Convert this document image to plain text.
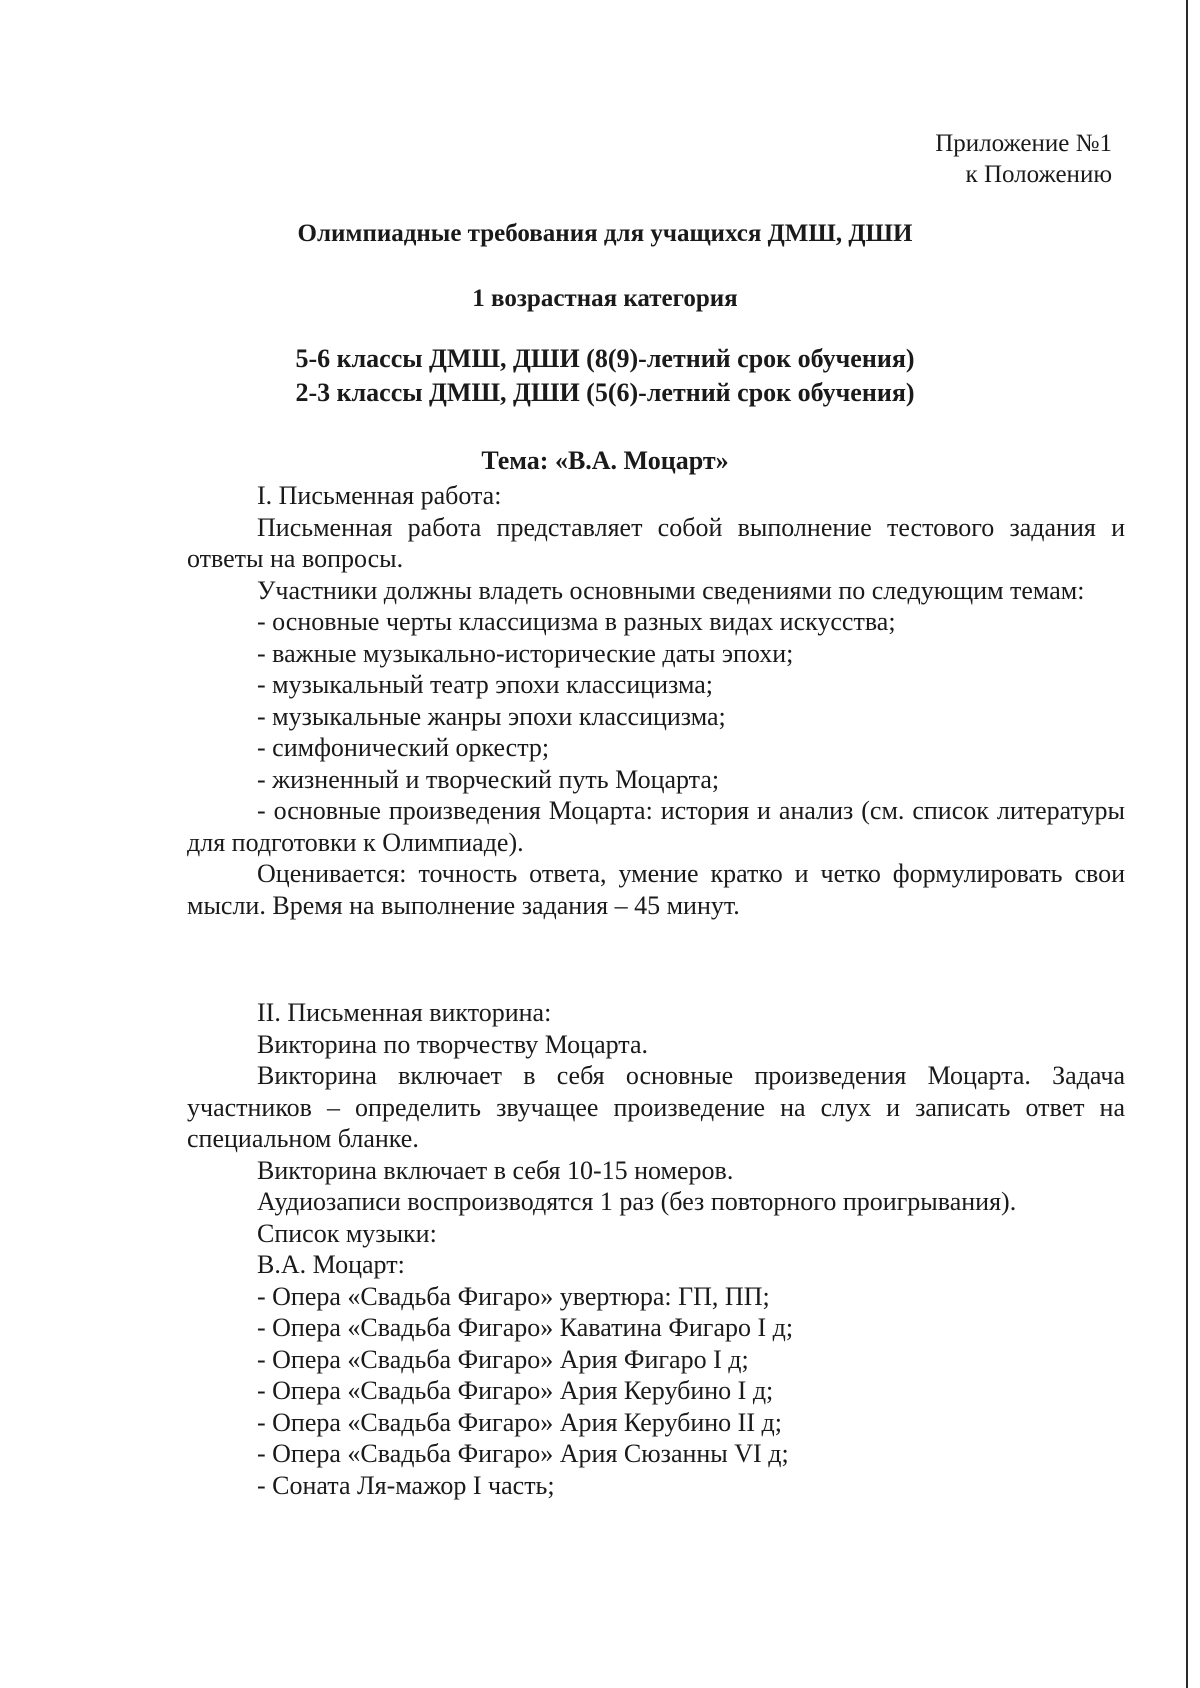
Приложение №1
к Положению
Олимпиадные требования для учащихся ДМШ, ДШИ
1 возрастная категория
5-6 классы ДМШ, ДШИ (8(9)-летний срок обучения)
2-3 классы ДМШ, ДШИ (5(6)-летний срок обучения)
Тема: «В.А. Моцарт»

I. Письменная работа:

Письменная работа представляет собой выполнение тестового задания и ответы на вопросы.

Участники должны владеть основными сведениями по следующим темам:

- основные черты классицизма в разных видах искусства;

- важные музыкально-исторические даты эпохи;

- музыкальный театр эпохи классицизма;

- музыкальные жанры эпохи классицизма;

- симфонический оркестр;

- жизненный и творческий путь Моцарта;

- основные произведения Моцарта: история и анализ (см. список литературы для подготовки к Олимпиаде).

Оценивается: точность ответа, умение кратко и четко формулировать свои мысли. Время на выполнение задания – 45 минут.

II. Письменная викторина:

Викторина по творчеству Моцарта.

Викторина включает в себя основные произведения Моцарта. Задача участников – определить звучащее произведение на слух и записать ответ на специальном бланке.

Викторина включает в себя 10-15 номеров.

Аудиозаписи воспроизводятся 1 раз (без повторного проигрывания).

Список музыки:

В.А. Моцарт:

- Опера «Свадьба Фигаро» увертюра: ГП, ПП;

- Опера «Свадьба Фигаро» Каватина Фигаро I д;

- Опера «Свадьба Фигаро» Ария Фигаро I д;

- Опера «Свадьба Фигаро» Ария Керубино I д;

- Опера «Свадьба Фигаро» Ария Керубино II д;

- Опера «Свадьба Фигаро» Ария Сюзанны VI д;

- Соната Ля-мажор I часть;
